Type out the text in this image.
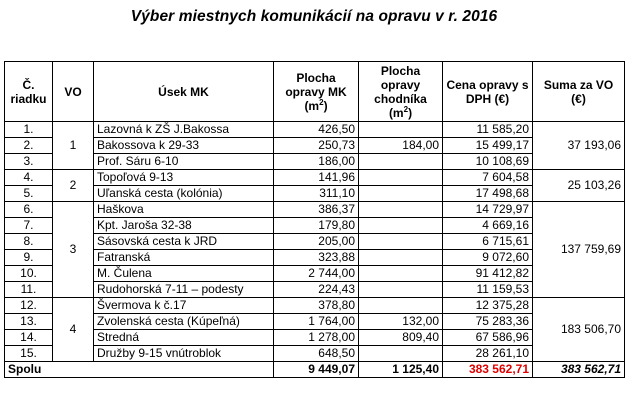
Výber miestnych komunikácií na opravu v r. 2016
Č. riadku	VO	Úsek MK	Plocha opravy MK $(m^2)$	Plocha opravy chodníka $(m^2)$	Cena opravy s DPH (€)	Suma za VO (€)
1.	1	Lazovná k ZŠ J.Bakossa	426,50		11 585,20	37 193,06
2.		Bakossova k 29-33	250,73	184,00	15 499,17	
3.		Prof. Sáru 6-10	186,00		10 108,69	
4.	2	Topoľová 9-13	141,96		7 604,58	25 103,26
5.		Uľanská cesta (kolónia)	311,10		17 498,68	
6.	3	Haškova	386,37		14 729,97	137 759,69
7.		Kpt. Jaroša 32-38	179,80		4 669,16	
8.		Sásovská cesta k JRD	205,00		6 715,61	
9.		Fatranská	323,88		9 072,60	
10.		M. Čulena	2 744,00		91 412,82	
11.		Rudohorská 7-11 – podesty	224,43		11 159,53	
12.	4	Švermova k č.17	378,80		12 375,28	183 506,70
13.		Zvolenská cesta (Kúpeľná)	1 764,00	132,00	75 283,36	
14.		Stredná	1 278,00	809,40	67 586,96	
15.		Družby 9-15 vnútroblok	648,50		28 261,10	
Spolu			9 449,07	1 125,40	383 562,71	383 562,71
